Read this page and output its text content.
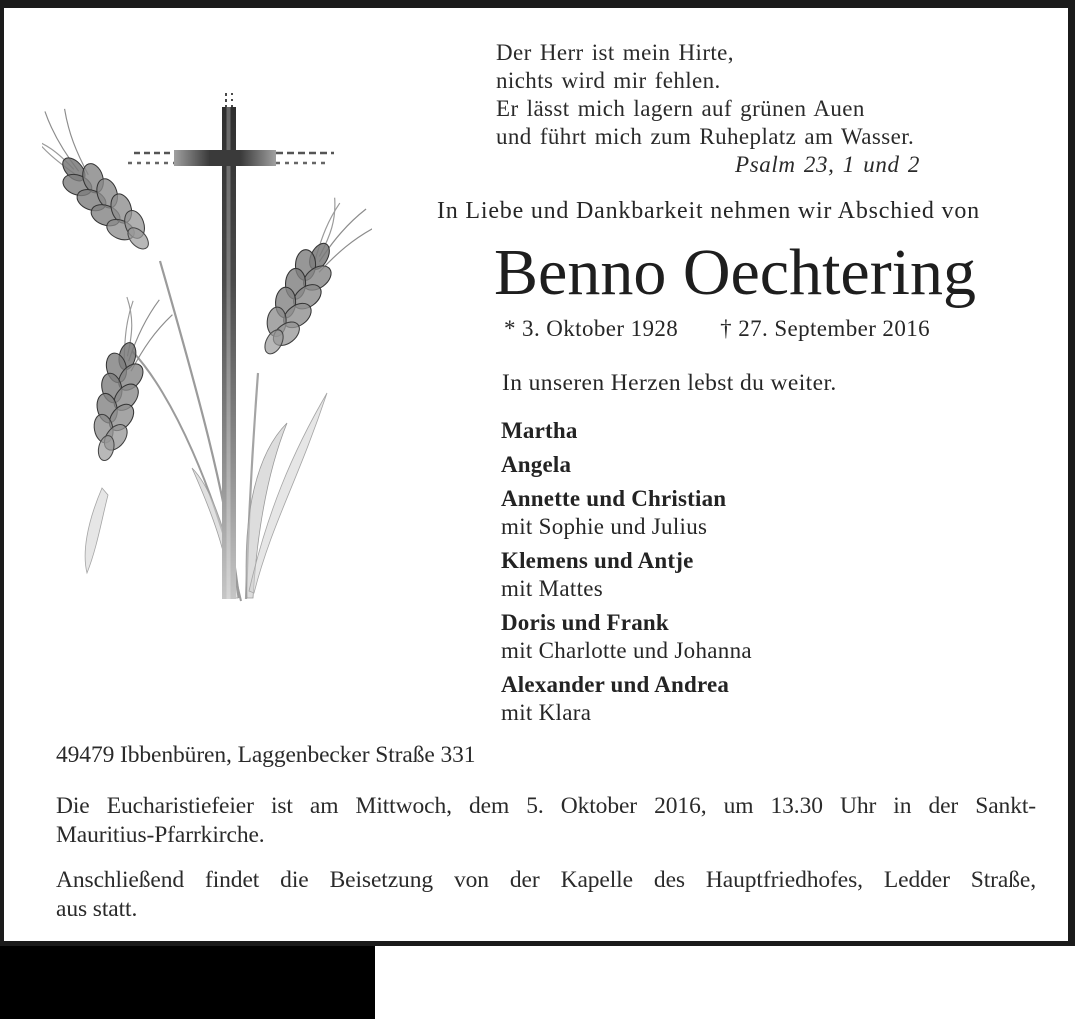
Der Herr ist mein Hirte,
nichts wird mir fehlen.
Er lässt mich lagern auf grünen Auen
und führt mich zum Ruheplatz am Wasser.
Psalm 23, 1 und 2
In Liebe und Dankbarkeit nehmen wir Abschied von
Benno Oechtering
* 3. Oktober 1928 † 27. September 2016
In unseren Herzen lebst du weiter.
Martha
Angela
Annette und Christian
mit Sophie und Julius
Klemens und Antje
mit Mattes
Doris und Frank
mit Charlotte und Johanna
Alexander und Andrea
mit Klara
49479 Ibbenbüren, Laggenbecker Straße 331
Die Eucharistiefeier ist am Mittwoch, dem 5. Oktober 2016, um 13.30 Uhr in der Sankt-
Mauritius-Pfarrkirche.
Anschließend findet die Beisetzung von der Kapelle des Hauptfriedhofes, Ledder Straße,
aus statt.
